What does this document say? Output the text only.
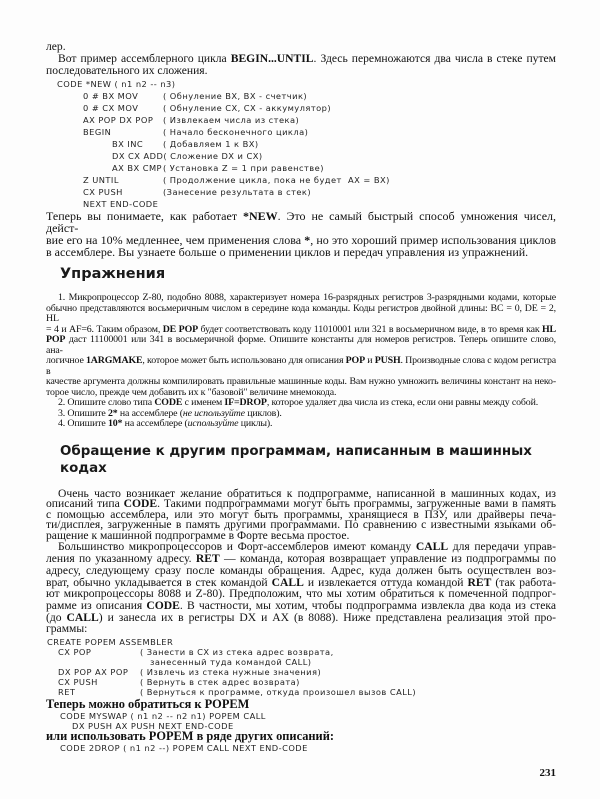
лер.
Вот пример ассемблерного цикла BEGIN...UNTIL. Здесь перемножаются два числа в стеке путем
последовательного их сложения.
CODE *NEW ( n1 n2 -- n3)
0 # BX MOV	( Обнуление BX, BX - счетчик)
0 # CX MOV	( Обнуление CX, CX - аккумулятор)
AX POP DX POP	( Извлекаем числа из стека)
BEGIN	( Начало бесконечного цикла)
BX INC	( Добавляем 1 к BX)
DX CX ADD ( Сложение DX и CX)
AX BX CMP ( Установка Z = 1 при равенстве)
Z UNTIL	( Продолжение цикла, пока не будет  AX = BX)
CX PUSH	(Занесение результата в стек)
NEXT END-CODE
Теперь вы понимаете, как работает *NEW. Это не самый быстрый способ умножения чисел, дейст-
вие его на 10% медленнее, чем применения слова *, но это хороший пример использования циклов
в ассемблере. Вы узнаете больше о применении циклов и передач управления из упражнений.
Упражнения
1. Микропроцессор Z-80, подобно 8088, характеризует номера 16-разрядных регистров 3-разрядными кодами, которые
обычно представляются восьмеричным числом в середине кода команды. Коды регистров двойной длины: BC = 0, DE = 2, HL
= 4 и AF=6. Таким образом, DE POP будет соответствовать коду 11010001 или 321 в восьмеричном виде, в то время как HL
POP даст 11100001 или 341 в восьмеричной форме. Опишите константы для номеров регистров. Теперь опишите слово, ана-
логичное 1ARGMAKE, которое может быть использовано для описания POP и PUSH. Производные слова с кодом регистра в
качестве аргумента должны компилировать правильные машинные коды. Вам нужно умножить величины констант на неко-
торое число, прежде чем добавить их к "базовой" величине мнемокода.
2. Опишите слово типа CODE с именем IF=DROP, которое удаляет два числа из стека, если они равны между собой.
3. Опишите 2* на ассемблере (не используйте циклов).
4. Опишите 10* на ассемблере (используйте циклы).
Обращение к другим программам, написанным в машинных кодах
Очень часто возникает желание обратиться к подпрограмме, написанной в машинных кодах, из
описаний типа CODE. Такими подпрограммами могут быть программы, загруженные вами в память
с помощью ассемблера, или это могут быть программы, хранящиеся в ПЗУ, или драйверы печа-
ти/дисплея, загруженные в память другими программами. По сравнению с известными языками об-
ращение к машинной подпрограмме в Форте весьма простое.
Большинство микропроцессоров и Форт-ассемблеров имеют команду CALL для передачи управ-
ления по указанному адресу. RET — команда, которая возвращает управление из подпрограммы по
адресу, следующему сразу после команды обращения. Адрес, куда должен быть осуществлен воз-
врат, обычно укладывается в стек командой CALL и извлекается оттуда командой RET (так работа-
ют микропроцессоры 8088 и Z-80). Предположим, что мы хотим обратиться к помеченной подпрог-
рамме из описания CODE. В частности, мы хотим, чтобы подпрограмма извлекла два кода из стека
(до CALL) и занесла их в регистры DX и AX (в 8088). Ниже представлена реализация этой про-
граммы:
CREATE POPEM ASSEMBLER
CX POP	( Занести в CX из стека адрес возврата,
занесенный туда командой CALL)
DX POP AX POP	( Извлечь из стека нужные значения)
CX PUSH	( Вернуть в стек адрес возврата)
RET	( Вернуться к программе, откуда произошел вызов CALL)
Теперь можно обратиться к POPEM
CODE MYSWAP ( n1 n2 -- n2 n1) POPEM CALL
DX PUSH AX PUSH NEXT END-CODE
или использовать POPEM в ряде других описаний:
CODE 2DROP ( n1 n2 --) POPEM CALL NEXT END-CODE
231
